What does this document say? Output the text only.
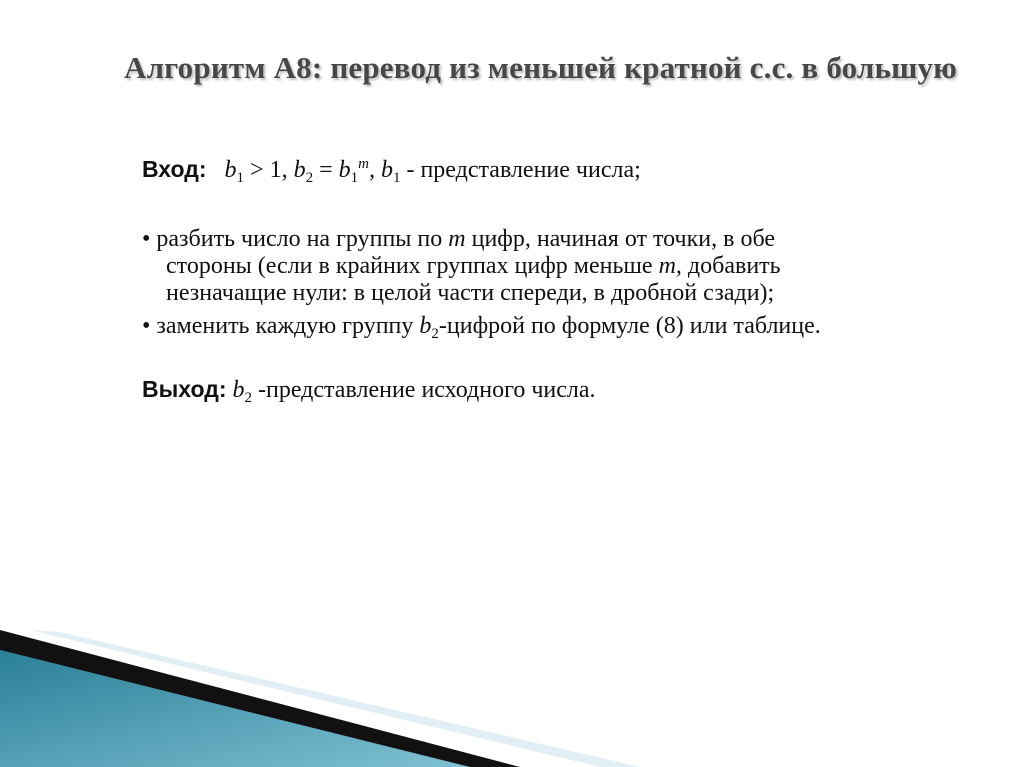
Алгоритм А8: перевод из меньшей кратной с.с. в большую
Вход: $b_1 > 1$, $b_2 = b_1^m$, $b_1$ - представление числа;
• разбить число на группы по m цифр, начиная от точки, в обе
стороны (если в крайних группах цифр меньше m, добавить
незначащие нули: в целой части спереди, в дробной сзади);
• заменить каждую группу $b_2$-цифрой по формуле (8) или таблице.
Выход: $b_2$ -представление исходного числа.
